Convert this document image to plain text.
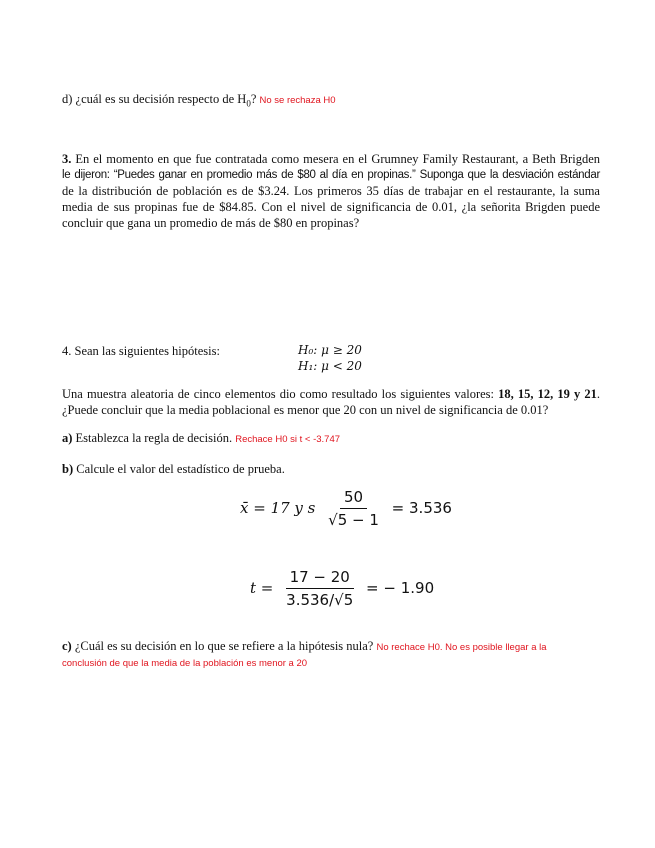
d) ¿cuál es su decisión respecto de $H_0$? No se rechaza H0
3. En el momento en que fue contratada como mesera en el Grumney Family Restaurant, a Beth Brigden
le dijeron: “Puedes ganar en promedio más de $80 al día en propinas.” Suponga que la desviación estándar
de la distribución de población es de $3.24. Los primeros 35 días de trabajar en el restaurante, la suma
media de sus propinas fue de $84.85. Con el nivel de significancia de 0.01, ¿la señorita Brigden puede
concluir que gana un promedio de más de $80 en propinas?
4. Sean las siguientes hipótesis:	H₀: μ ≥ 20
H₁: μ < 20
Una muestra aleatoria de cinco elementos dio como resultado los siguientes valores: 18, 15, 12, 19 y 21.
¿Puede concluir que la media poblacional es menor que 20 con un nivel de significancia de 0.01?
a) Establezca la regla de decisión. Rechace H0 si t < -3.747
b) Calcule el valor del estadístico de prueba.
x̄ = 17 y s $\frac{50}{√5 - 1} = 3.536$
$t = \frac{17 - 20}{3.536/√5}$ = − 1.90
c) ¿Cuál es su decisión en lo que se refiere a la hipótesis nula? No rechace H0. No es posible llegar a la
conclusión de que la media de la población es menor a 20
